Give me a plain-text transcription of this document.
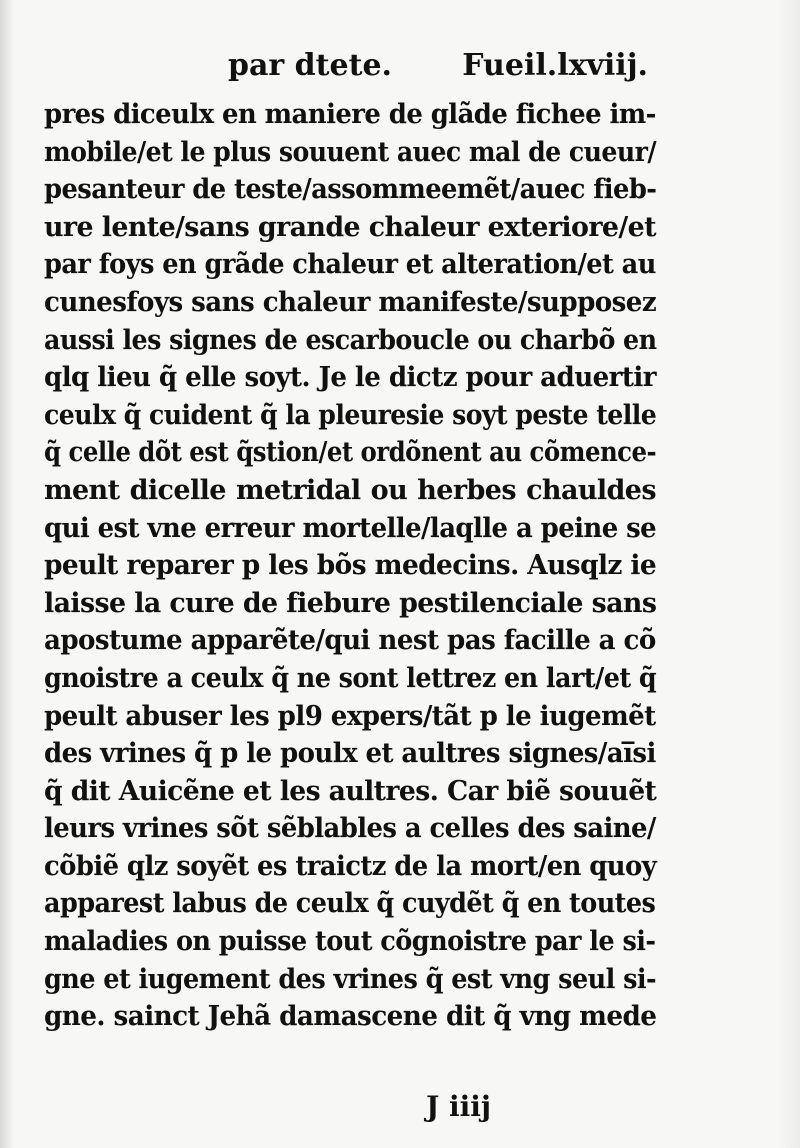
par dtete. Fueil.lxviij.
pres diceulx en maniere de glãde fichee im-
mobile/et le plus souuent auec mal de cueur/
pesanteur de teste/assommeemẽt/auec fieb-
ure lente/sans grande chaleur exteriore/et
par foys en grãde chaleur et alteration/et au
cunesfoys sans chaleur manifeste/supposez
aussi les signes de escarboucle ou charbõ en
qlq lieu q̃ elle soyt. Je le dictz pour aduertir
ceulx q̃ cuident q̃ la pleuresie soyt peste telle
q̃ celle dõt est q̃stion/et ordõnent au cõmence-
ment dicelle metridal ou herbes chauldes
qui est vne erreur mortelle/laqlle a peine se
peult reparer p les bõs medecins. Ausqlz ie
laisse la cure de fiebure pestilenciale sans
apostume apparẽte/qui nest pas facille a cõ
gnoistre a ceulx q̃ ne sont lettrez en lart/et q̃
peult abuser les pl9 expers/tãt p le iugemẽt
des vrines q̃ p le poulx et aultres signes/ai̅si
q̃ dit Auicẽne et les aultres. Car biẽ souuẽt
leurs vrines sõt sẽblables a celles des saine/
cõbiẽ qlz soyẽt es traictz de la mort/en quoy
apparest labus de ceulx q̃ cuydẽt q̃ en toutes
maladies on puisse tout cõgnoistre par le si-
gne et iugement des vrines q̃ est vng seul si-
gne. sainct Jehã damascene dit q̃ vng mede
J iiij
